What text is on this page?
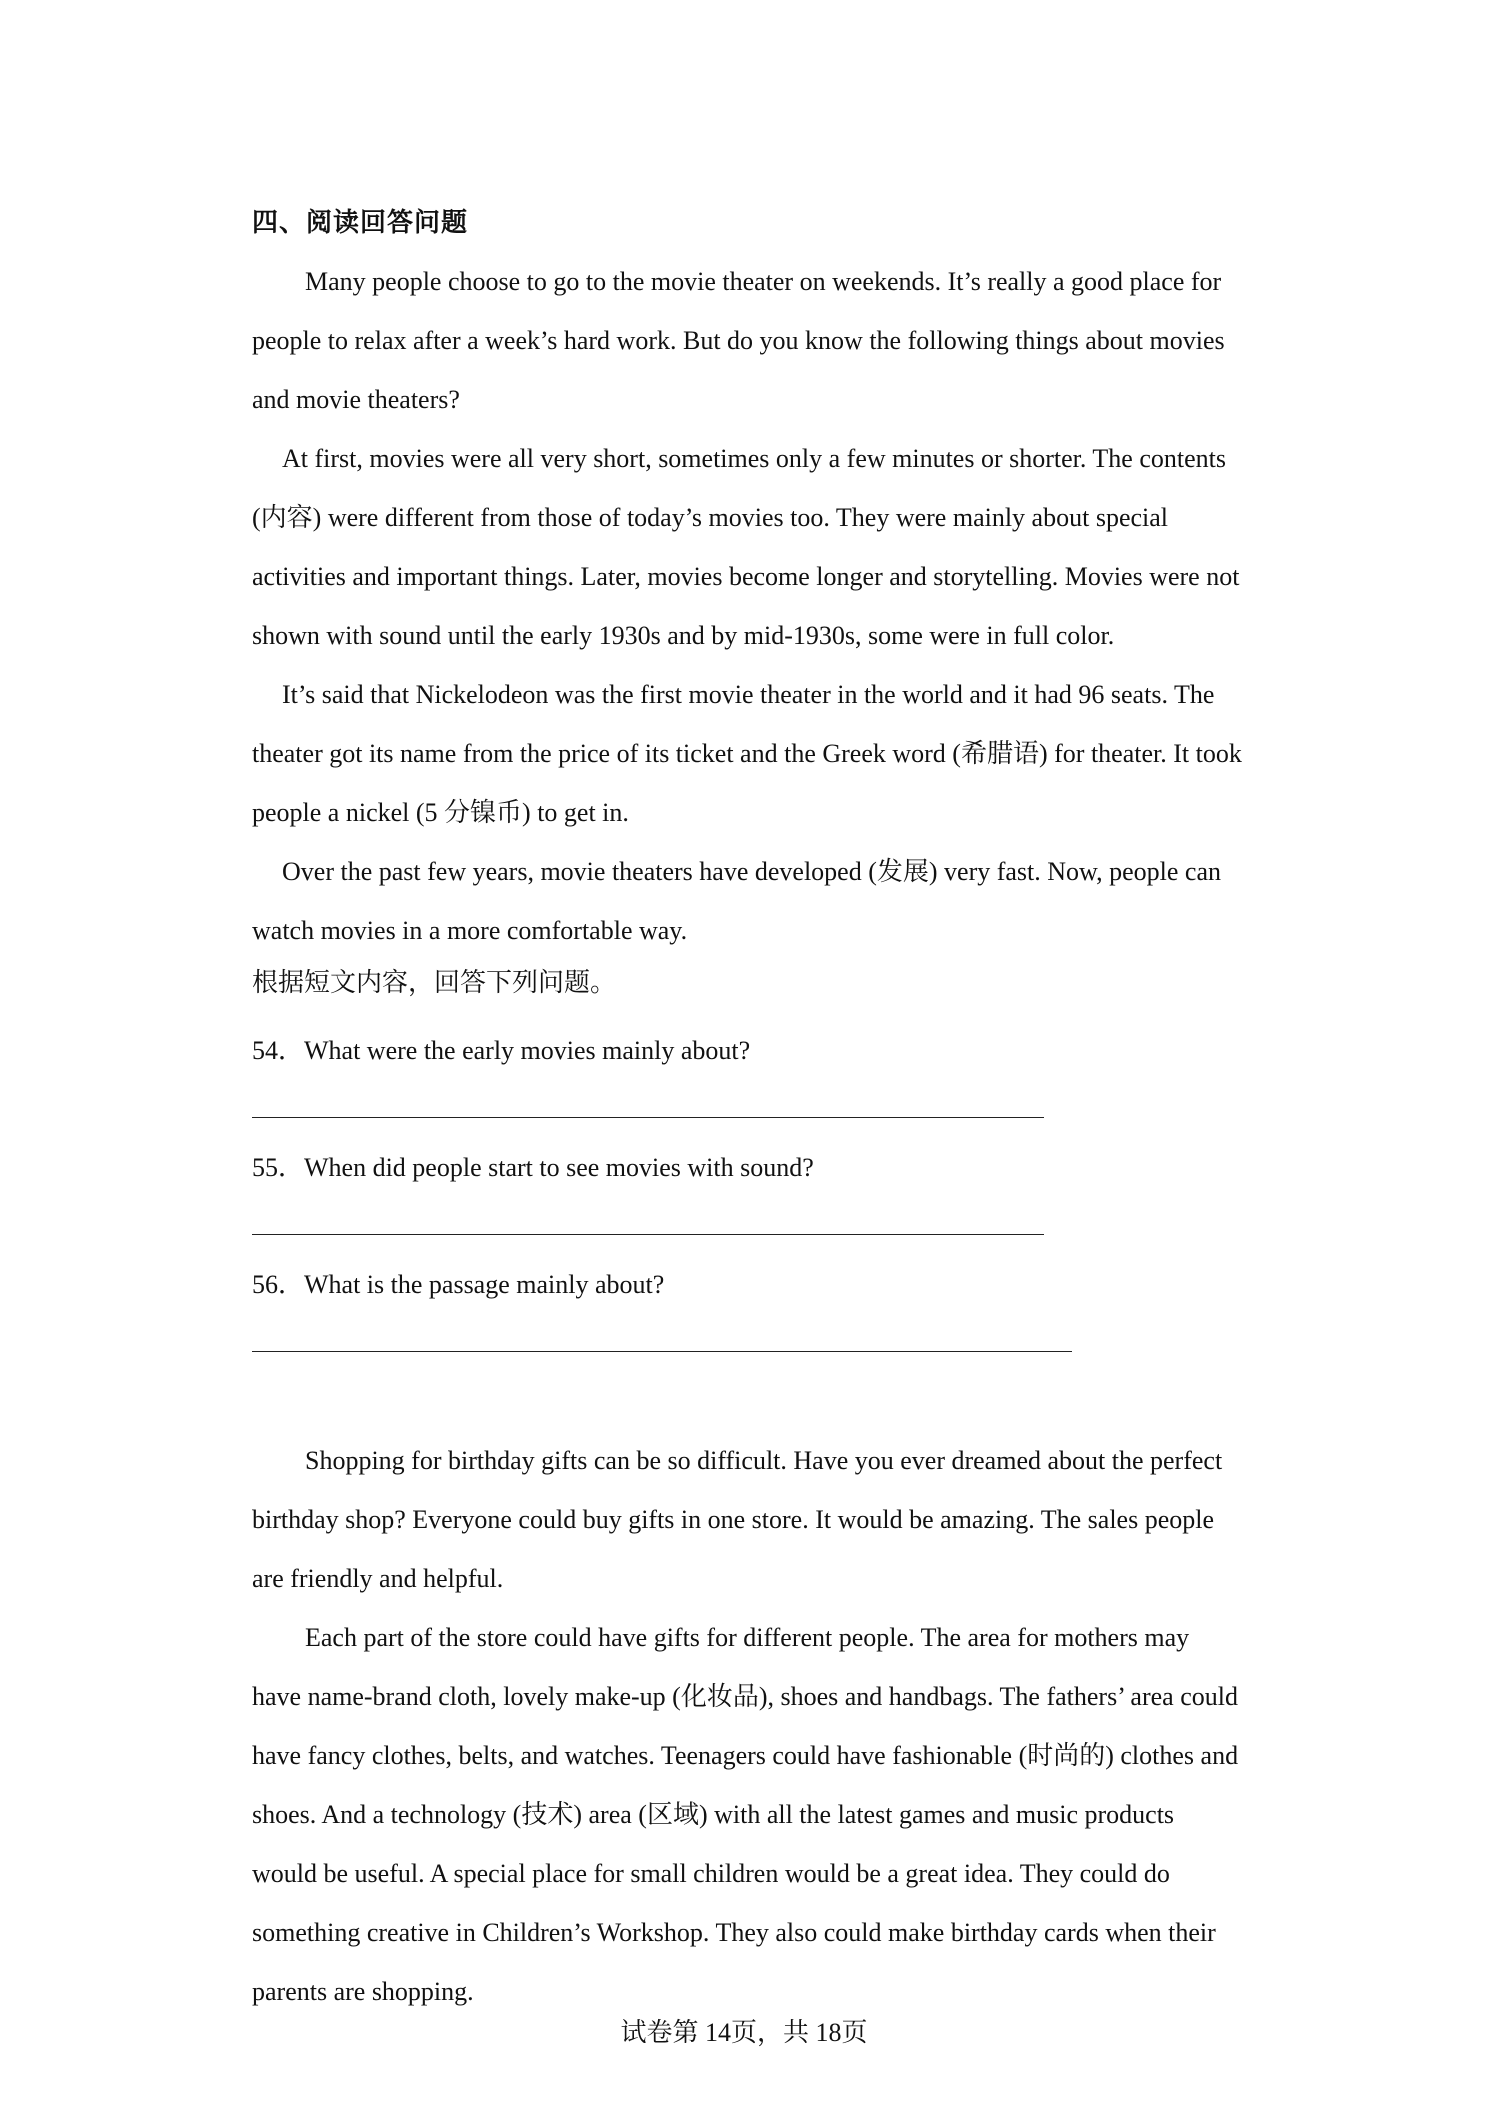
四、阅读回答问题

Many people choose to go to the movie theater on weekends. It’s really a good place for people to relax after a week’s hard work. But do you know the following things about movies and movie theaters?

At first, movies were all very short, sometimes only a few minutes or shorter. The contents (内容) were different from those of today’s movies too. They were mainly about special activities and important things. Later, movies become longer and storytelling. Movies were not shown with sound until the early 1930s and by mid-1930s, some were in full color.

It’s said that Nickelodeon was the first movie theater in the world and it had 96 seats. The theater got its name from the price of its ticket and the Greek word (希腊语) for theater. It took people a nickel (5 分镍币) to get in.

Over the past few years, movie theaters have developed (发展) very fast. Now, people can watch movies in a more comfortable way.

根据短文内容，回答下列问题。
54．What were the early movies mainly about?
55．When did people start to see movies with sound?
56．What is the passage mainly about?

Shopping for birthday gifts can be so difficult. Have you ever dreamed about the perfect birthday shop? Everyone could buy gifts in one store. It would be amazing. The sales people are friendly and helpful.

Each part of the store could have gifts for different people. The area for mothers may have name-brand cloth, lovely make-up (化妆品), shoes and handbags. The fathers’ area could have fancy clothes, belts, and watches. Teenagers could have fashionable (时尚的) clothes and shoes. And a technology (技术) area (区域) with all the latest games and music products would be useful. A special place for small children would be a great idea. They could do something creative in Children’s Workshop. They also could make birthday cards when their parents are shopping.

试卷第 14页，共 18页
